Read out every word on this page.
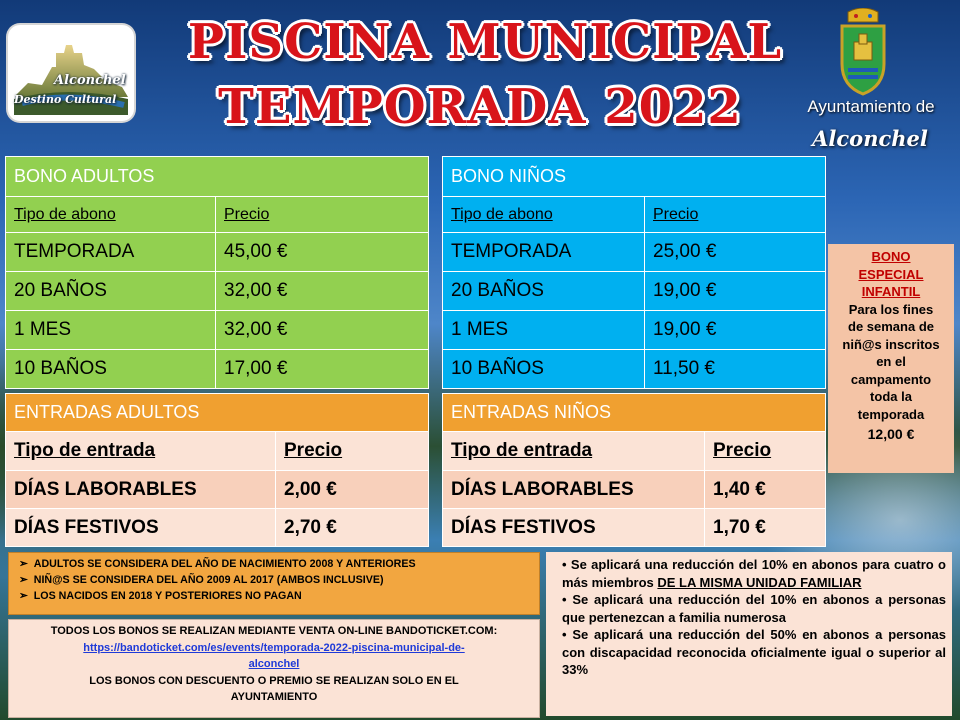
Alconchel
Destino Cultural
PISCINA MUNICIPAL
TEMPORADA 2022	Ayuntamiento de
Alconchel
BONO ADULTOS	
Tipo de abono	Precio
TEMPORADA	45,00 €
20 BAÑOS	32,00 €
1 MES	32,00 €
10 BAÑOS	17,00 €
BONO NIÑOS	
Tipo de abono	Precio
TEMPORADA	25,00 €
20 BAÑOS	19,00 €
1 MES	19,00 €
10 BAÑOS	11,50 €
BONO
ESPECIAL
INFANTIL
Para los fines
de semana de
niñ@s inscritos
en el
campamento
toda la
temporada
12,00 €
ENTRADAS ADULTOS	
Tipo de entrada	Precio
DÍAS LABORABLES	2,00 €
DÍAS FESTIVOS	2,70 €
ENTRADAS NIÑOS	
Tipo de entrada	Precio
DÍAS LABORABLES	1,40 €
DÍAS FESTIVOS	1,70 €
➢ ADULTOS SE CONSIDERA DEL AÑO DE NACIMIENTO 2008 Y ANTERIORES
➢ NIÑ@S SE CONSIDERA DEL AÑO 2009 AL 2017 (AMBOS INCLUSIVE)
➢ LOS NACIDOS EN 2018 Y POSTERIORES NO PAGAN
TODOS LOS BONOS SE REALIZAN MEDIANTE VENTA ON-LINE BANDOTICKET.COM:
https://bandoticket.com/es/events/temporada-2022-piscina-municipal-de-
alconchel
LOS BONOS CON DESCUENTO O PREMIO SE REALIZAN SOLO EN EL
AYUNTAMIENTO
• Se aplicará una reducción del 10% en abonos para cuatro o más miembros DE LA MISMA UNIDAD FAMILIAR
• Se aplicará una reducción del 10% en abonos a personas que pertenezcan a familia numerosa
• Se aplicará una reducción del 50% en abonos a personas con discapacidad reconocida oficialmente igual o superior al 33%
